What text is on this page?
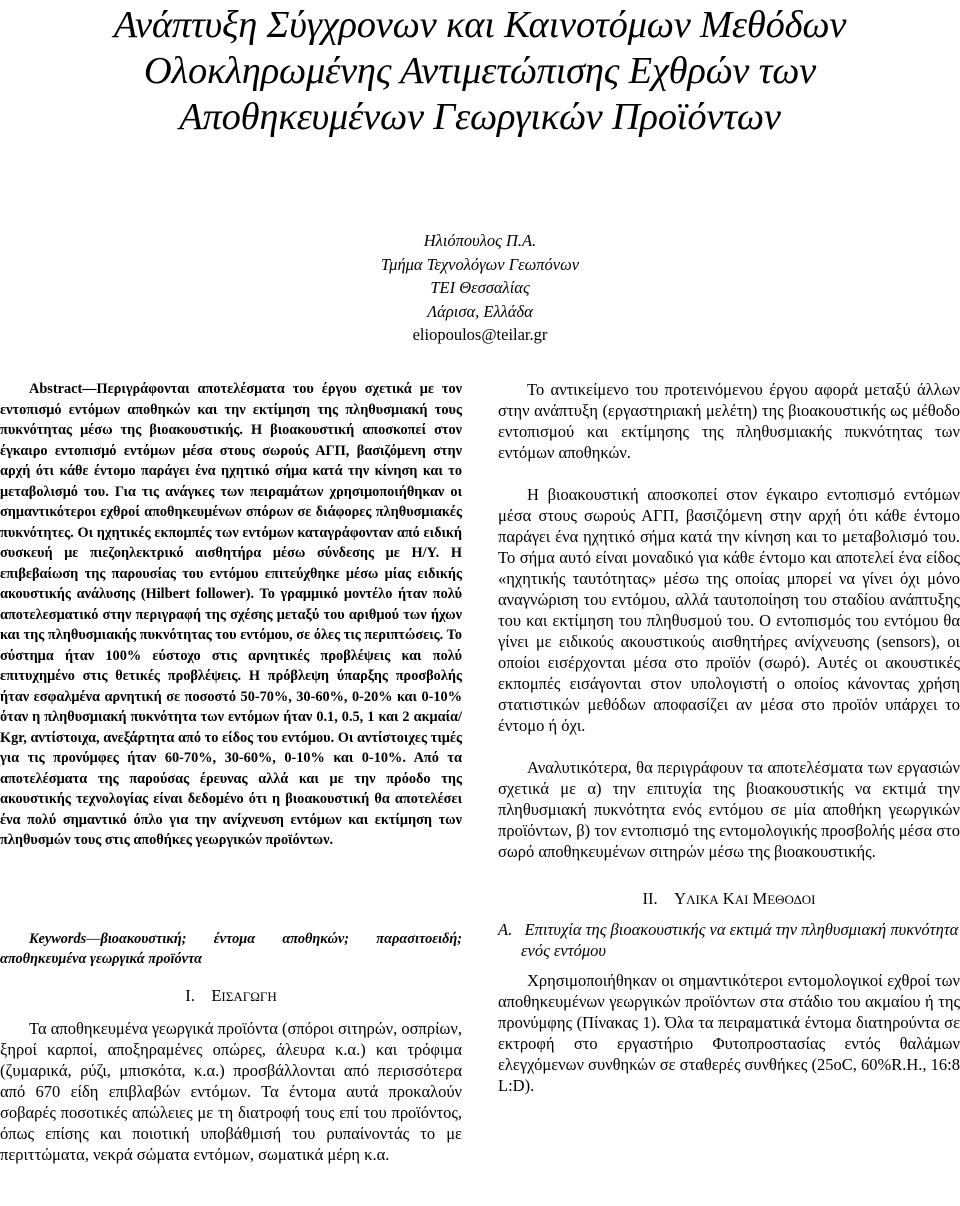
Ανάπτυξη Σύγχρονων και Καινοτόμων Μεθόδων
Ολοκληρωμένης Αντιμετώπισης Εχθρών των
Αποθηκευμένων Γεωργικών Προϊόντων
Ηλιόπουλος Π.Α.
Τμήμα Τεχνολόγων Γεωπόνων
ΤΕΙ Θεσσαλίας
Λάρισα, Ελλάδα
eliopoulos@teilar.gr

Abstract—Περιγράφονται αποτελέσματα του έργου σχετικά με τον εντοπισμό εντόμων αποθηκών και την εκτίμηση της πληθυσμιακή τους πυκνότητας μέσω της βιοακουστικής. Η βιοακουστική αποσκοπεί στον έγκαιρο εντοπισμό εντόμων μέσα στους σωρούς ΑΓΠ, βασιζόμενη στην αρχή ότι κάθε έντομο παράγει ένα ηχητικό σήμα κατά την κίνηση και το μεταβολισμό του. Για τις ανάγκες των πειραμάτων χρησιμοποιήθηκαν οι σημαντικότεροι εχθροί αποθηκευμένων σπόρων σε διάφορες πληθυσμιακές πυκνότητες. Οι ηχητικές εκπομπές των εντόμων καταγράφονταν από ειδική συσκευή με πιεζοηλεκτρικό αισθητήρα μέσω σύνδεσης με Η/Υ. Η επιβεβαίωση της παρουσίας του εντόμου επιτεύχθηκε μέσω μίας ειδικής ακουστικής ανάλυσης (Hilbert follower). Το γραμμικό μοντέλο ήταν πολύ αποτελεσματικό στην περιγραφή της σχέσης μεταξύ του αριθμού των ήχων και της πληθυσμιακής πυκνότητας του εντόμου, σε όλες τις περιπτώσεις. Το σύστημα ήταν 100% εύστοχο στις αρνητικές προβλέψεις και πολύ επιτυχημένο στις θετικές προβλέψεις. Η πρόβλεψη ύπαρξης προσβολής ήταν εσφαλμένα αρνητική σε ποσοστό 50-70%, 30-60%, 0-20% και 0-10% όταν η πληθυσμιακή πυκνότητα των εντόμων ήταν 0.1, 0.5, 1 και 2 ακμαία/ Kgr, αντίστοιχα, ανεξάρτητα από το είδος του εντόμου. Οι αντίστοιχες τιμές για τις προνύμφες ήταν 60-70%, 30-60%, 0-10% και 0-10%. Από τα αποτελέσματα της παρούσας έρευνας αλλά και με την πρόοδο της ακουστικής τεχνολογίας είναι δεδομένο ότι η βιοακουστική θα αποτελέσει ένα πολύ σημαντικό όπλο για την ανίχνευση εντόμων και εκτίμηση των πληθυσμών τους στις αποθήκες γεωργικών προϊόντων.

Keywords—βιοακουστική; έντομα αποθηκών; παρασιτοειδή; αποθηκευμένα γεωργικά προϊόντα

I. ΕΙΣΑΓΩΓΗ

Τα αποθηκευμένα γεωργικά προϊόντα (σπόροι σιτηρών, οσπρίων, ξηροί καρποί, αποξηραμένες οπώρες, άλευρα κ.α.) και τρόφιμα (ζυμαρικά, ρύζι, μπισκότα, κ.α.) προσβάλλονται από περισσότερα από 670 είδη επιβλαβών εντόμων. Τα έντομα αυτά προκαλούν σοβαρές ποσοτικές απώλειες με τη διατροφή τους επί του προϊόντος, όπως επίσης και ποιοτική υποβάθμισή του ρυπαίνοντάς το με περιττώματα, νεκρά σώματα εντόμων, σωματικά μέρη κ.α.

Το αντικείμενο του προτεινόμενου έργου αφορά μεταξύ άλλων στην ανάπτυξη (εργαστηριακή μελέτη) της βιοακουστικής ως μέθοδο εντοπισμού και εκτίμησης της πληθυσμιακής πυκνότητας των εντόμων αποθηκών.

Η βιοακουστική αποσκοπεί στον έγκαιρο εντοπισμό εντόμων μέσα στους σωρούς ΑΓΠ, βασιζόμενη στην αρχή ότι κάθε έντομο παράγει ένα ηχητικό σήμα κατά την κίνηση και το μεταβολισμό του. Το σήμα αυτό είναι μοναδικό για κάθε έντομο και αποτελεί ένα είδος «ηχητικής ταυτότητας» μέσω της οποίας μπορεί να γίνει όχι μόνο αναγνώριση του εντόμου, αλλά ταυτοποίηση του σταδίου ανάπτυξης του και εκτίμηση του πληθυσμού του. Ο εντοπισμός του εντόμου θα γίνει με ειδικούς ακουστικούς αισθητήρες ανίχνευσης (sensors), οι οποίοι εισέρχονται μέσα στο προϊόν (σωρό). Αυτές οι ακουστικές εκπομπές εισάγονται στον υπολογιστή ο οποίος κάνοντας χρήση στατιστικών μεθόδων αποφασίζει αν μέσα στο προϊόν υπάρχει το έντομο ή όχι.

Αναλυτικότερα, θα περιγράφουν τα αποτελέσματα των εργασιών σχετικά με α) την επιτυχία της βιοακουστικής να εκτιμά την πληθυσμιακή πυκνότητα ενός εντόμου σε μία αποθήκη γεωργικών προϊόντων, β) τον εντοπισμό της εντομολογικής προσβολής μέσα στο σωρό αποθηκευμένων σιτηρών μέσω της βιοακουστικής.

II. ΥΛΙΚΑ ΚΑΙ ΜΕΘΟΔΟΙ
A. Επιτυχία της βιοακουστικής να εκτιμά την πληθυσμιακή πυκνότητα ενός εντόμου

Χρησιμοποιήθηκαν οι σημαντικότεροι εντομολογικοί εχθροί των αποθηκευμένων γεωργικών προϊόντων στα στάδιο του ακμαίου ή της προνύμφης (Πίνακας 1). Όλα τα πειραματικά έντομα διατηρούντα σε εκτροφή στο εργαστήριο Φυτοπροστασίας εντός θαλάμων ελεγχόμενων συνθηκών σε σταθερές συνθήκες (25oC, 60%R.H., 16:8 L:D).
